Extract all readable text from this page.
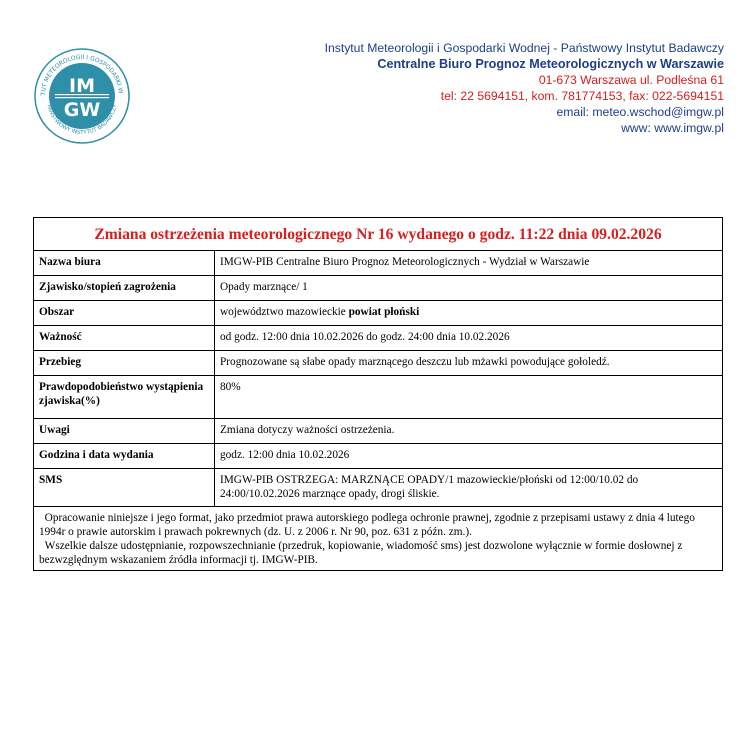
TUT METEOROLOGII I GOSPODARKI W
PAŃSTWOWY INSTYTUT BADAWCZY
IM
GW
Instytut Meteorologii i Gospodarki Wodnej - Państwowy Instytut Badawczy
Centralne Biuro Prognoz Meteorologicznych w Warszawie
01-673 Warszawa ul. Podleśna 61
tel: 22 5694151, kom. 781774153, fax: 022-5694151
email: meteo.wschod@imgw.pl
www: www.imgw.pl
Zmiana ostrzeżenia meteorologicznego Nr 16 wydanego o godz. 11:22 dnia 09.02.2026	
Nazwa biura	IMGW-PIB Centralne Biuro Prognoz Meteorologicznych - Wydział w Warszawie
Zjawisko/stopień zagrożenia	Opady marznące/ 1
Obszar	województwo mazowieckie powiat płoński
Ważność	od godz. 12:00 dnia 10.02.2026 do godz. 24:00 dnia 10.02.2026
Przebieg	Prognozowane są słabe opady marznącego deszczu lub mżawki powodujące gołoledź.
Prawdopodobieństwo wystąpienia zjawiska(%)	80%
Uwagi	Zmiana dotyczy ważności ostrzeżenia.
Godzina i data wydania	godz. 12:00 dnia 10.02.2026
SMS	IMGW-PIB OSTRZEGA: MARZNĄCE OPADY/1 mazowieckie/płoński od 12:00/10.02 do 24:00/10.02.2026 marznące opady, drogi śliskie.

Opracowanie niniejsze i jego format, jako przedmiot prawa autorskiego podlega ochronie prawnej, zgodnie z przepisami ustawy z dnia 4 lutego 1994r o prawie autorskim i prawach pokrewnych (dz. U. z 2006 r. Nr 90, poz. 631 z późn. zm.).

Wszelkie dalsze udostępnianie, rozpowszechnianie (przedruk, kopiowanie, wiadomość sms) jest dozwolone wyłącznie w formie dosłownej z bezwzględnym wskazaniem źródła informacji tj. IMGW-PIB.	
